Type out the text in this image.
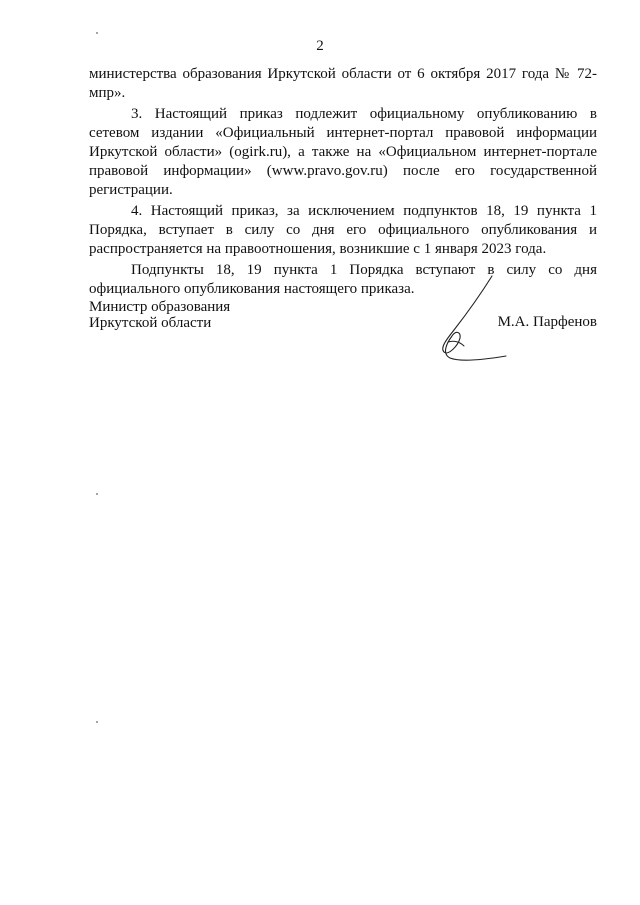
2

министерства образования Иркутской области от 6 октября 2017 года № 72-мпр».

3. Настоящий приказ подлежит официальному опубликованию в сетевом издании «Официальный интернет-портал правовой информации Иркутской области» (ogirk.ru), а также на «Официальном интернет-портале правовой информации» (www.pravo.gov.ru) после его государственной регистрации.

4. Настоящий приказ, за исключением подпунктов 18, 19 пункта 1 Порядка, вступает в силу со дня его официального опубликования и распространяется на правоотношения, возникшие с 1 января 2023 года.

Подпункты 18, 19 пункта 1 Порядка вступают в силу со дня официального опубликования настоящего приказа.

Министр образования
Иркутской области	М.А. Парфенов
